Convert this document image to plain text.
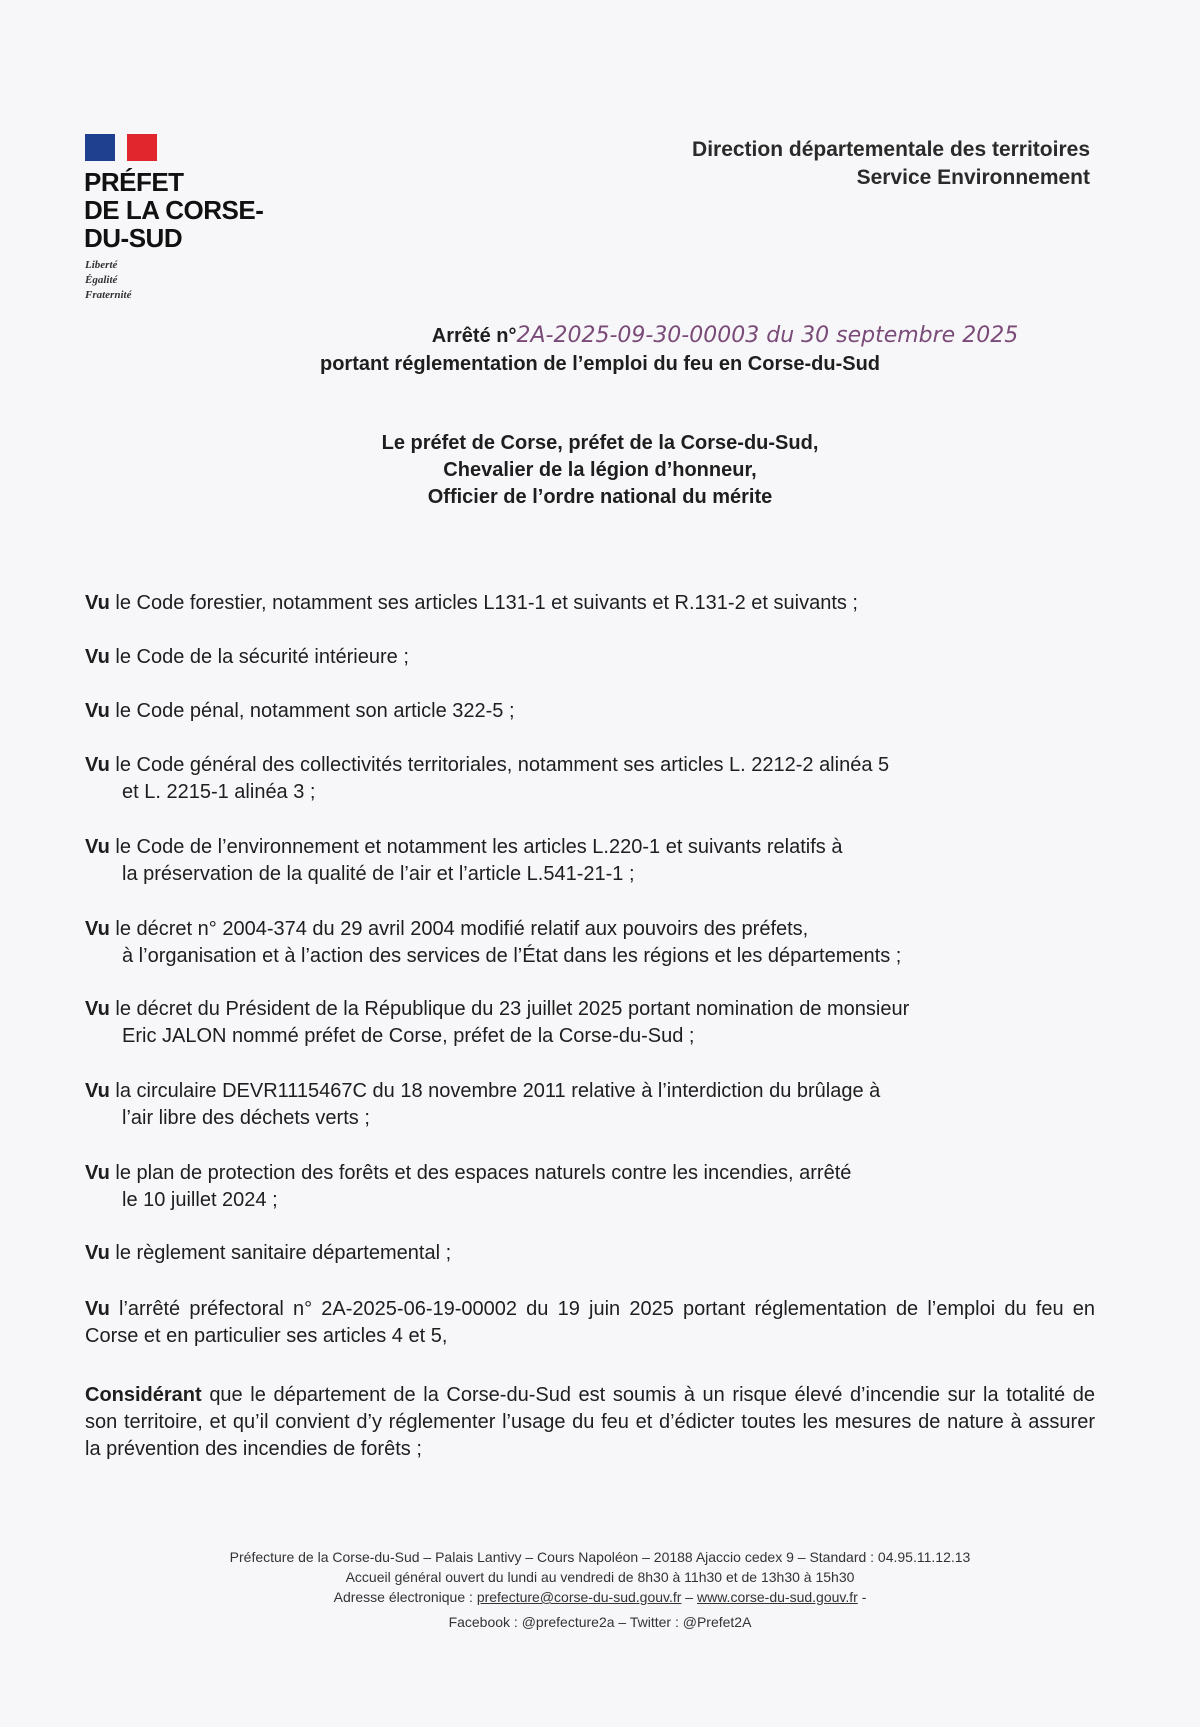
PRÉFET
DE LA CORSE-
DU-SUD
Liberté
Égalité
Fraternité
Direction départementale des territoires
Service Environnement
Arrêté n°2A-2025-09-30-00003 du 30 septembre 2025
portant réglementation de l’emploi du feu en Corse-du-Sud
Le préfet de Corse, préfet de la Corse-du-Sud,
Chevalier de la légion d’honneur,
Officier de l’ordre national du mérite
Vu le Code forestier, notamment ses articles L131-1 et suivants et R.131-2 et suivants ;
Vu le Code de la sécurité intérieure ;
Vu le Code pénal, notamment son article 322-5 ;
Vu le Code général des collectivités territoriales, notamment ses articles L. 2212-2 alinéa 5
et L. 2215-1 alinéa 3 ;
Vu le Code de l’environnement et notamment les articles L.220-1 et suivants relatifs à
la préservation de la qualité de l’air et l’article L.541-21-1 ;
Vu le décret n° 2004-374 du 29 avril 2004 modifié relatif aux pouvoirs des préfets,
à l’organisation et à l’action des services de l’État dans les régions et les départements ;
Vu le décret du Président de la République du 23 juillet 2025 portant nomination de monsieur
Eric JALON nommé préfet de Corse, préfet de la Corse-du-Sud ;
Vu la circulaire DEVR1115467C du 18 novembre 2011 relative à l’interdiction du brûlage à
l’air libre des déchets verts ;
Vu le plan de protection des forêts et des espaces naturels contre les incendies, arrêté
le 10 juillet 2024 ;
Vu le règlement sanitaire départemental ;
Vu l’arrêté préfectoral n° 2A-2025-06-19-00002 du 19 juin 2025 portant réglementation de l’emploi du feu en Corse et en particulier ses articles 4 et 5,
Considérant que le département de la Corse-du-Sud est soumis à un risque élevé d’incendie sur la totalité de son territoire, et qu’il convient d’y réglementer l’usage du feu et d’édicter toutes les mesures de nature à assurer la prévention des incendies de forêts ;
Préfecture de la Corse-du-Sud – Palais Lantivy – Cours Napoléon – 20188 Ajaccio cedex 9 – Standard : 04.95.11.12.13
Accueil général ouvert du lundi au vendredi de 8h30 à 11h30 et de 13h30 à 15h30
Adresse électronique : prefecture@corse-du-sud.gouv.fr – www.corse-du-sud.gouv.fr -
Facebook : @prefecture2a – Twitter : @Prefet2A
